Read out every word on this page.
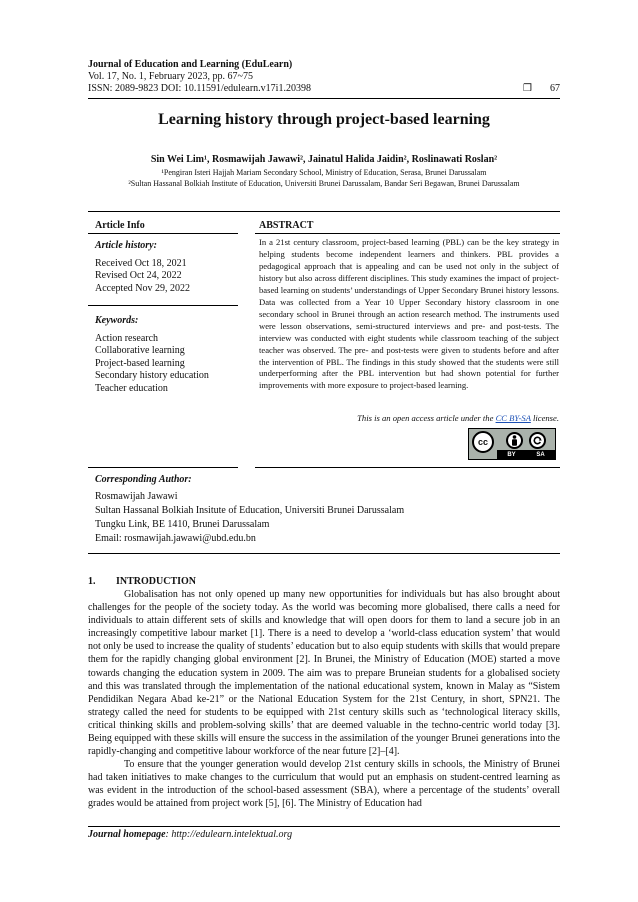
Journal of Education and Learning (EduLearn)
Vol. 17, No. 1, February 2023, pp. 67~75
ISSN: 2089-9823 DOI: 10.11591/edulearn.v17i1.20398	❒ 67
Learning history through project-based learning
Sin Wei Lim¹, Rosmawijah Jawawi², Jainatul Halida Jaidin², Roslinawati Roslan²
¹Pengiran Isteri Hajjah Mariam Secondary School, Ministry of Education, Serasa, Brunei Darussalam
²Sultan Hassanal Bolkiah Institute of Education, Universiti Brunei Darussalam, Bandar Seri Begawan, Brunei Darussalam
Article Info	ABSTRACT
Article history:
Received Oct 18, 2021
Revised Oct 24, 2022
Accepted Nov 29, 2022
Keywords:
Action research
Collaborative learning
Project-based learning
Secondary history education
Teacher education
In a 21st century classroom, project-based learning (PBL) can be the key strategy in helping students become independent learners and thinkers. PBL provides a pedagogical approach that is appealing and can be used not only in the subject of history but also across different disciplines. This study examines the impact of project-based learning on students’ understandings of Upper Secondary Brunei history lessons. Data was collected from a Year 10 Upper Secondary history classroom in one secondary school in Brunei through an action research method. The instruments used were lesson observations, semi-structured interviews and pre- and post-tests. The interview was conducted with eight students while classroom teaching of the subject teacher was observed. The pre- and post-tests were given to students before and after the intervention of PBL. The findings in this study showed that the students were still underperforming after the PBL intervention but had shown potential for further improvements with more exposure to project-based learning.
This is an open access article under the CC BY-SA license.
cc
BY	SA
Corresponding Author:
Rosmawijah Jawawi
Sultan Hassanal Bolkiah Insitute of Education, Universiti Brunei Darussalam
Tungku Link, BE 1410, Brunei Darussalam
Email: rosmawijah.jawawi@ubd.edu.bn
1. INTRODUCTION

Globalisation has not only opened up many new opportunities for individuals but has also brought about challenges for the people of the society today. As the world was becoming more globalised, there calls a need for individuals to attain different sets of skills and knowledge that will open doors for them to land a secure job in an increasingly competitive labour market [1]. There is a need to develop a ‘world-class education system’ that would not only be used to increase the quality of students’ education but to also equip students with skills that would prepare them for the rapidly changing global environment [2]. In Brunei, the Ministry of Education (MOE) started a move towards changing the education system in 2009. The aim was to prepare Bruneian students for a globalised society and this was translated through the implementation of the national educational system, known in Malay as “Sistem Pendidikan Negara Abad ke-21” or the National Education System for the 21st Century, in short, SPN21. The strategy called the need for students to be equipped with 21st century skills such as ‘technological literacy skills, critical thinking skills and problem-solving skills’ that are deemed valuable in the techno-centric world today [3]. Being equipped with these skills will ensure the success in the assimilation of the younger Brunei generations into the rapidly-changing and competitive labour workforce of the near future [2]–[4].

To ensure that the younger generation would develop 21st century skills in schools, the Ministry of Brunei had taken initiatives to make changes to the curriculum that would put an emphasis on student-centred learning as was evident in the introduction of the school-based assessment (SBA), where a percentage of the students’ overall grades would be attained from project work [5], [6]. The Ministry of Education had

Journal homepage: http://edulearn.intelektual.org
